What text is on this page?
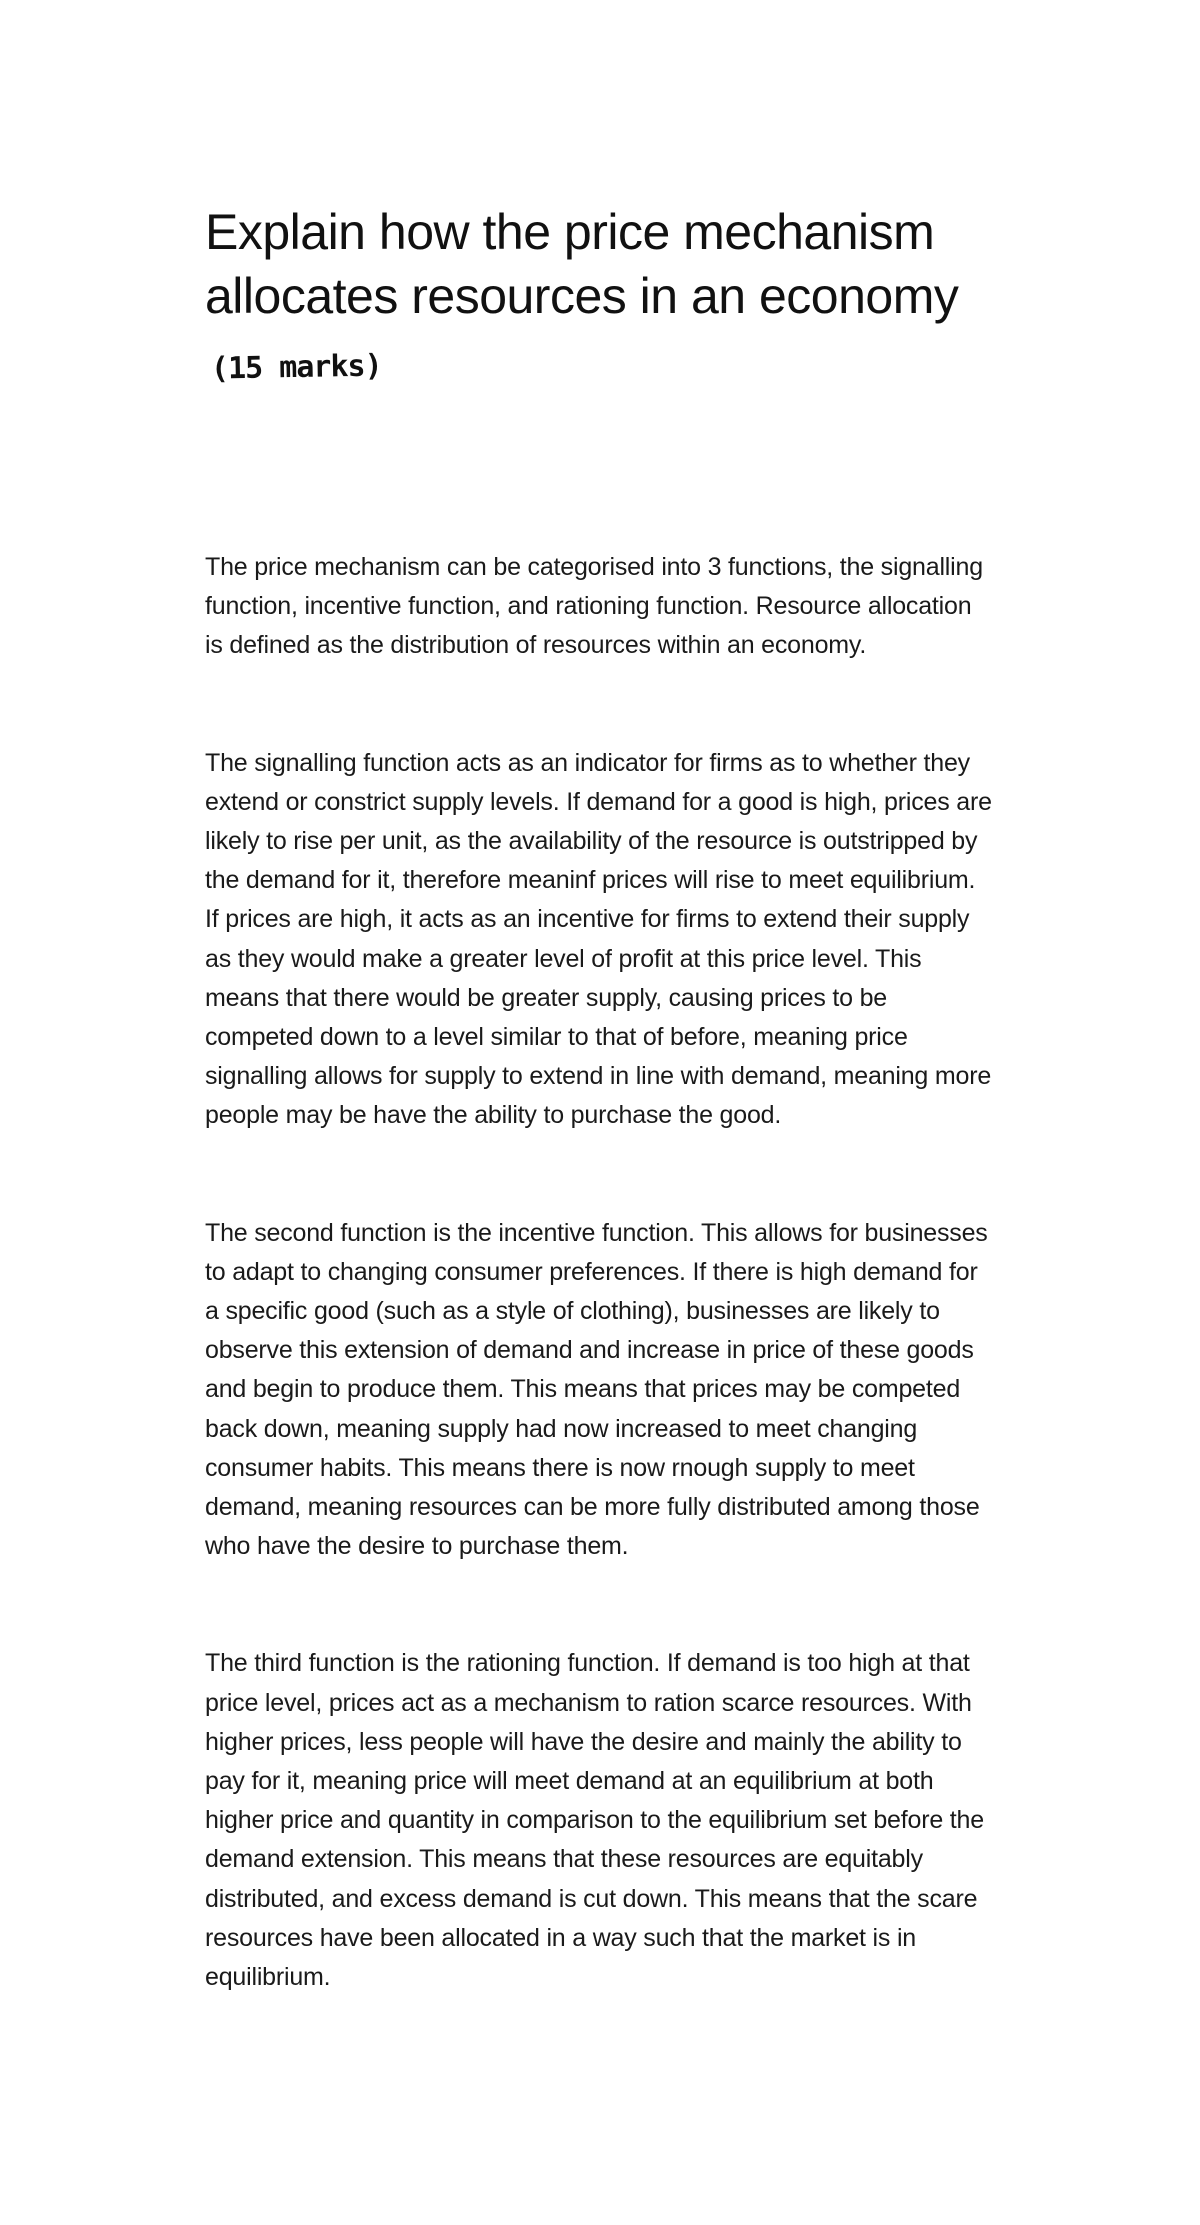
Explain how the price mechanism allocates resources in an economy(15 marks)

The price mechanism can be categorised into 3 functions, the signalling function, incentive function, and rationing function. Resource allocation is defined as the distribution of resources within an economy.

The signalling function acts as an indicator for firms as to whether they extend or constrict supply levels. If demand for a good is high, prices are likely to rise per unit, as the availability of the resource is outstripped by the demand for it, therefore meaninf prices will rise to meet equilibrium. If prices are high, it acts as an incentive for firms to extend their supply as they would make a greater level of profit at this price level. This means that there would be greater supply, causing prices to be competed down to a level similar to that of before, meaning price signalling allows for supply to extend in line with demand, meaning more people may be have the ability to purchase the good.

The second function is the incentive function. This allows for businesses to adapt to changing consumer preferences. If there is high demand for a specific good (such as a style of clothing), businesses are likely to observe this extension of demand and increase in price of these goods and begin to produce them. This means that prices may be competed back down, meaning supply had now increased to meet changing consumer habits. This means there is now rnough supply to meet demand, meaning resources can be more fully distributed among those who have the desire to purchase them.

The third function is the rationing function. If demand is too high at that price level, prices act as a mechanism to ration scarce resources. With higher prices, less people will have the desire and mainly the ability to pay for it, meaning price will meet demand at an equilibrium at both higher price and quantity in comparison to the equilibrium set before the demand extension. This means that these resources are equitably distributed, and excess demand is cut down. This means that the scare resources have been allocated in a way such that the market is in equilibrium.
